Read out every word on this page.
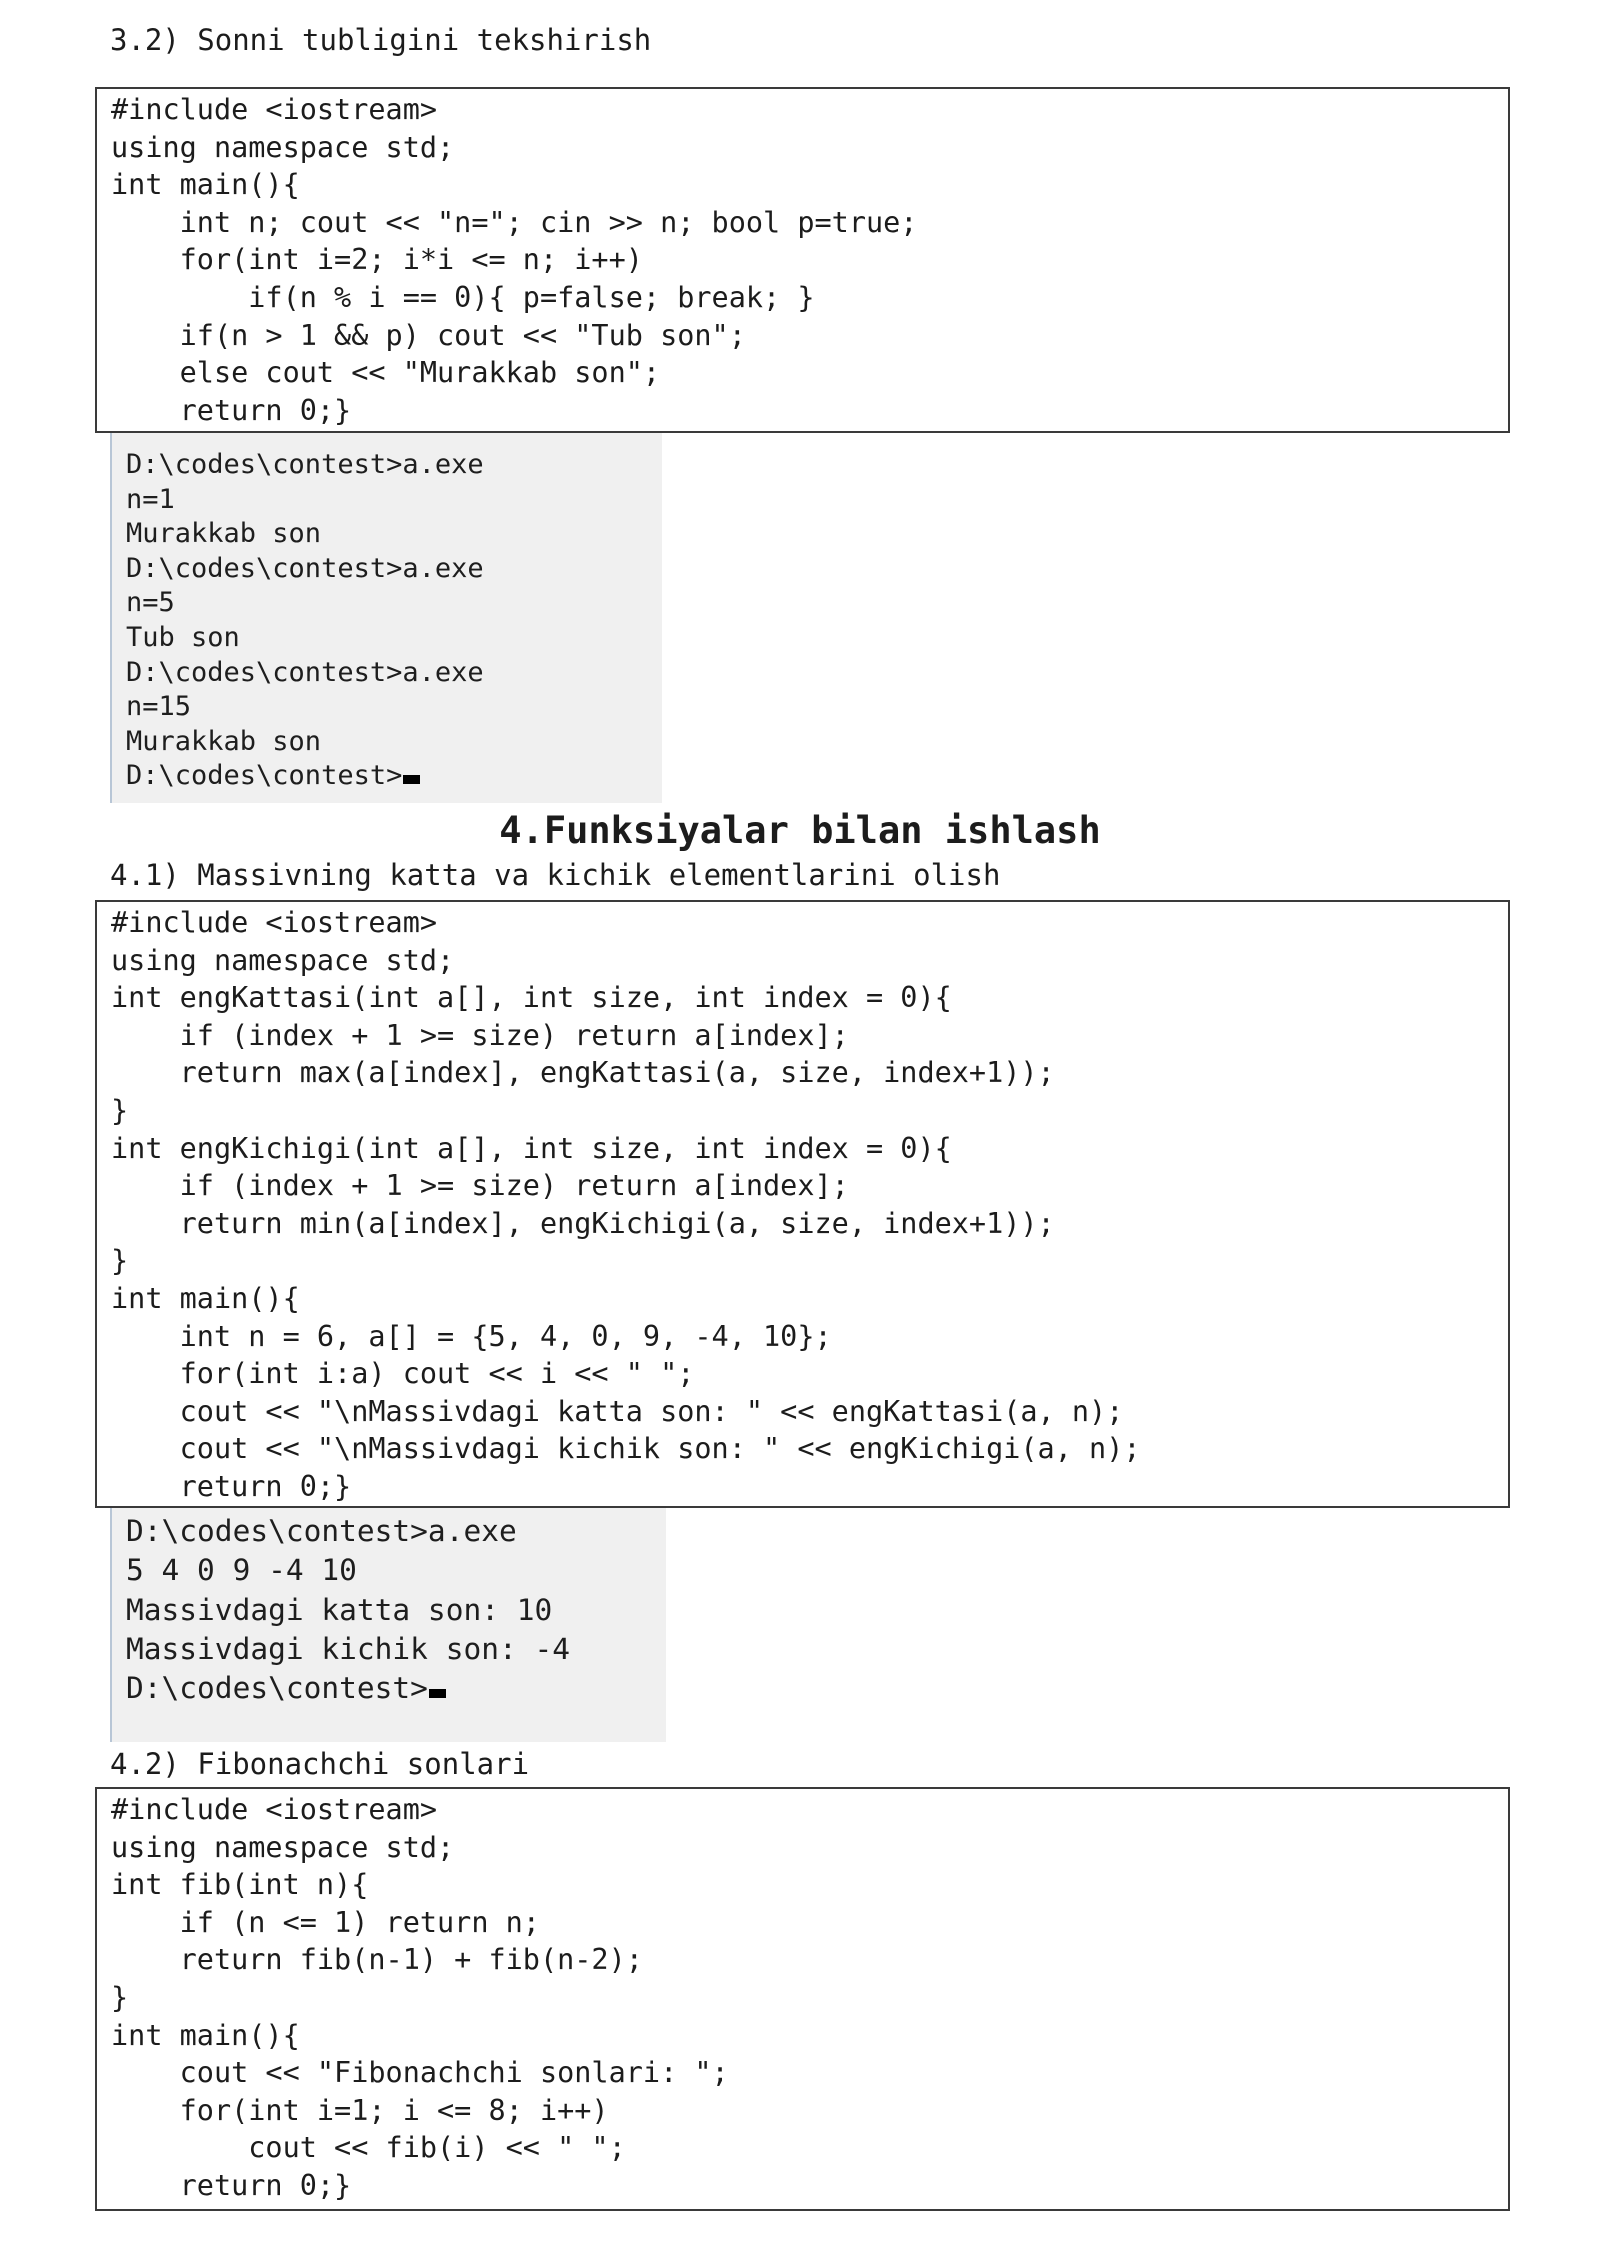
3.2) Sonni tubligini tekshirish

#include <iostream>
using namespace std;
int main(){
int n; cout << "n="; cin >> n; bool p=true;
for(int i=2; i*i <= n; i++)
if(n % i == 0){ p=false; break; }
if(n > 1 && p) cout << "Tub son";
else cout << "Murakkab son";
return 0;}
D:\codes\contest>a.exe
n=1
Murakkab son
D:\codes\contest>a.exe
n=5
Tub son
D:\codes\contest>a.exe
n=15
Murakkab son
D:\codes\contest>
4.Funksiyalar bilan ishlash

4.1) Massivning katta va kichik elementlarini olish

#include <iostream>
using namespace std;
int engKattasi(int a[], int size, int index = 0){
if (index + 1 >= size) return a[index];
return max(a[index], engKattasi(a, size, index+1));
}
int engKichigi(int a[], int size, int index = 0){
if (index + 1 >= size) return a[index];
return min(a[index], engKichigi(a, size, index+1));
}
int main(){
int n = 6, a[] = {5, 4, 0, 9, -4, 10};
for(int i:a) cout << i << " ";
cout << "\nMassivdagi katta son: " << engKattasi(a, n);
cout << "\nMassivdagi kichik son: " << engKichigi(a, n);
return 0;}
D:\codes\contest>a.exe
5 4 0 9 -4 10
Massivdagi katta son: 10
Massivdagi kichik son: -4
D:\codes\contest>

4.2) Fibonachchi sonlari

#include <iostream>
using namespace std;
int fib(int n){
if (n <= 1) return n;
return fib(n-1) + fib(n-2);
}
int main(){
cout << "Fibonachchi sonlari: ";
for(int i=1; i <= 8; i++)
cout << fib(i) << " ";
return 0;}
